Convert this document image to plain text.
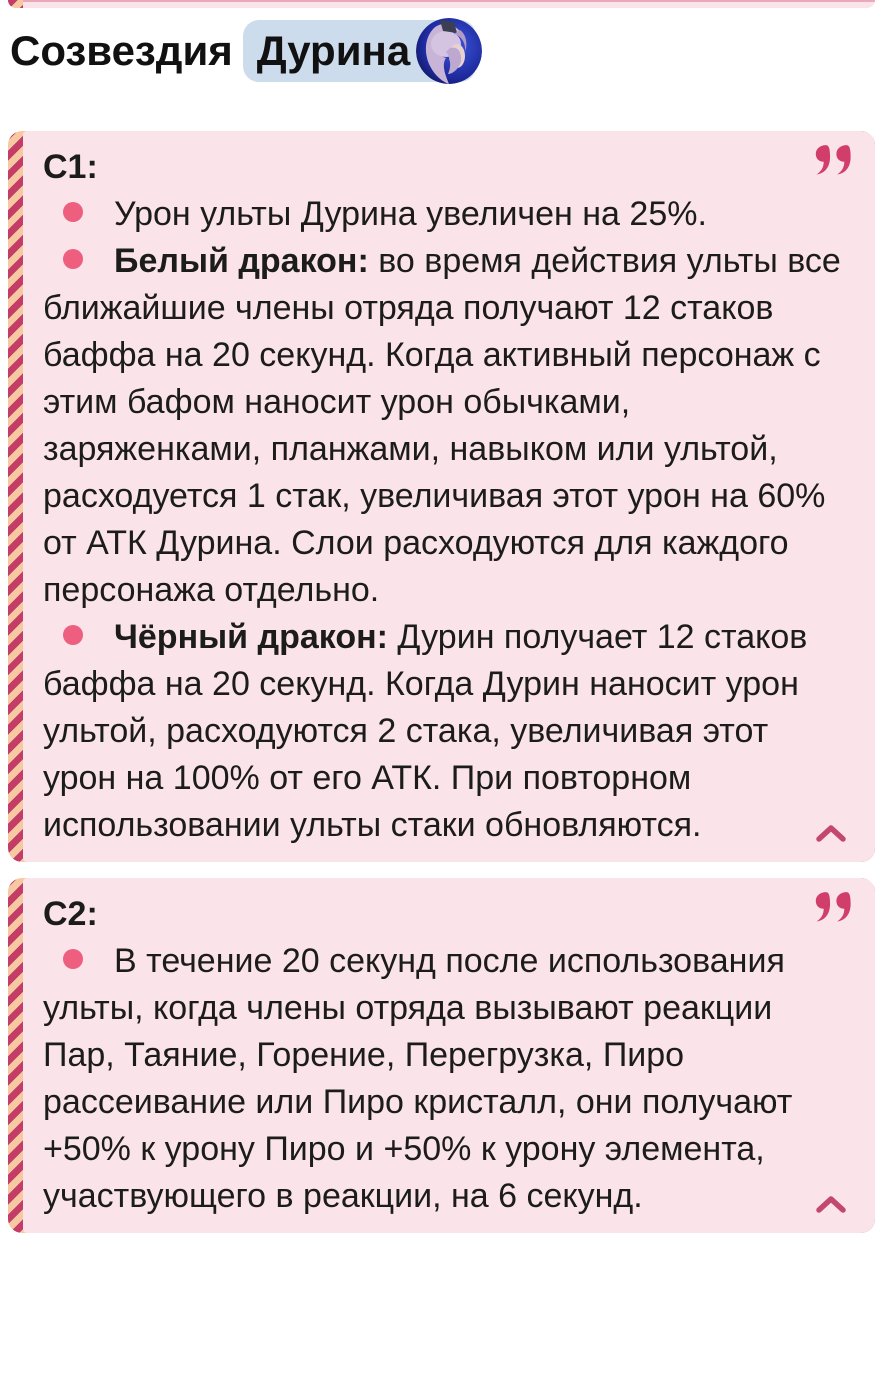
Созвездия Дурина

C1:

Урон ульты Дурина увеличен на 25%.

Белый дракон: во время действия ульты все ближайшие члены отряда получают 12 стаков баффа на 20 секунд. Когда активный персонаж с этим бафом наносит урон обычками, заряженками, планжами, навыком или ультой, расходуется 1 стак, увеличивая этот урон на 60% от АТК Дурина. Слои расходуются для каждого персонажа отдельно.

Чёрный дракон: Дурин получает 12 стаков баффа на 20 секунд. Когда Дурин наносит урон ультой, расходуются 2 стака, увеличивая этот урон на 100% от его АТК. При повторном использовании ульты стаки обновляются.

C2:

В течение 20 секунд после использования ульты, когда члены отряда вызывают реакции Пар, Таяние, Горение, Перегрузка, Пиро рассеивание или Пиро кристалл, они получают +50% к урону Пиро и +50% к урону элемента, участвующего в реакции, на 6 секунд.
